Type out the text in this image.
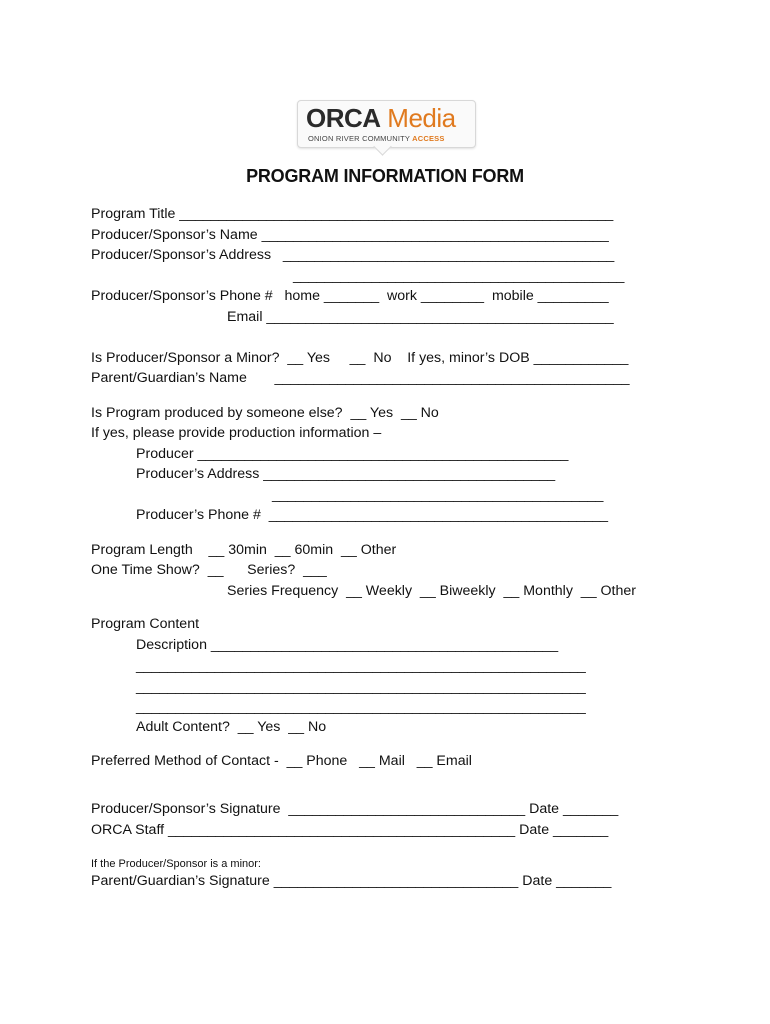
ORCA Media
ONION RIVER COMMUNITY ACCESS
PROGRAM INFORMATION FORM
Program Title _______________________________________________________
Producer/Sponsor’s Name ____________________________________________
Producer/Sponsor’s Address   __________________________________________
__________________________________________
Producer/Sponsor’s Phone #   home _______  work ________  mobile _________
Email ____________________________________________
Is Producer/Sponsor a Minor?  __ Yes     __  No    If yes, minor’s DOB ____________
Parent/Guardian’s Name       _____________________________________________
Is Program produced by someone else?  __ Yes  __ No
If yes, please provide production information –
Producer _______________________________________________
Producer’s Address _____________________________________
__________________________________________
Producer’s Phone #  ___________________________________________
Program Length    __ 30min  __ 60min  __ Other
One Time Show?  __      Series?  ___
Series Frequency  __ Weekly  __ Biweekly  __ Monthly  __ Other
Program Content
Description ____________________________________________
_________________________________________________________
_________________________________________________________
_________________________________________________________
Adult Content?  __ Yes  __ No
Preferred Method of Contact -  __ Phone   __ Mail   __ Email
Producer/Sponsor’s Signature  ______________________________ Date _______
ORCA Staff ____________________________________________ Date _______
If the Producer/Sponsor is a minor:
Parent/Guardian’s Signature _______________________________ Date _______
